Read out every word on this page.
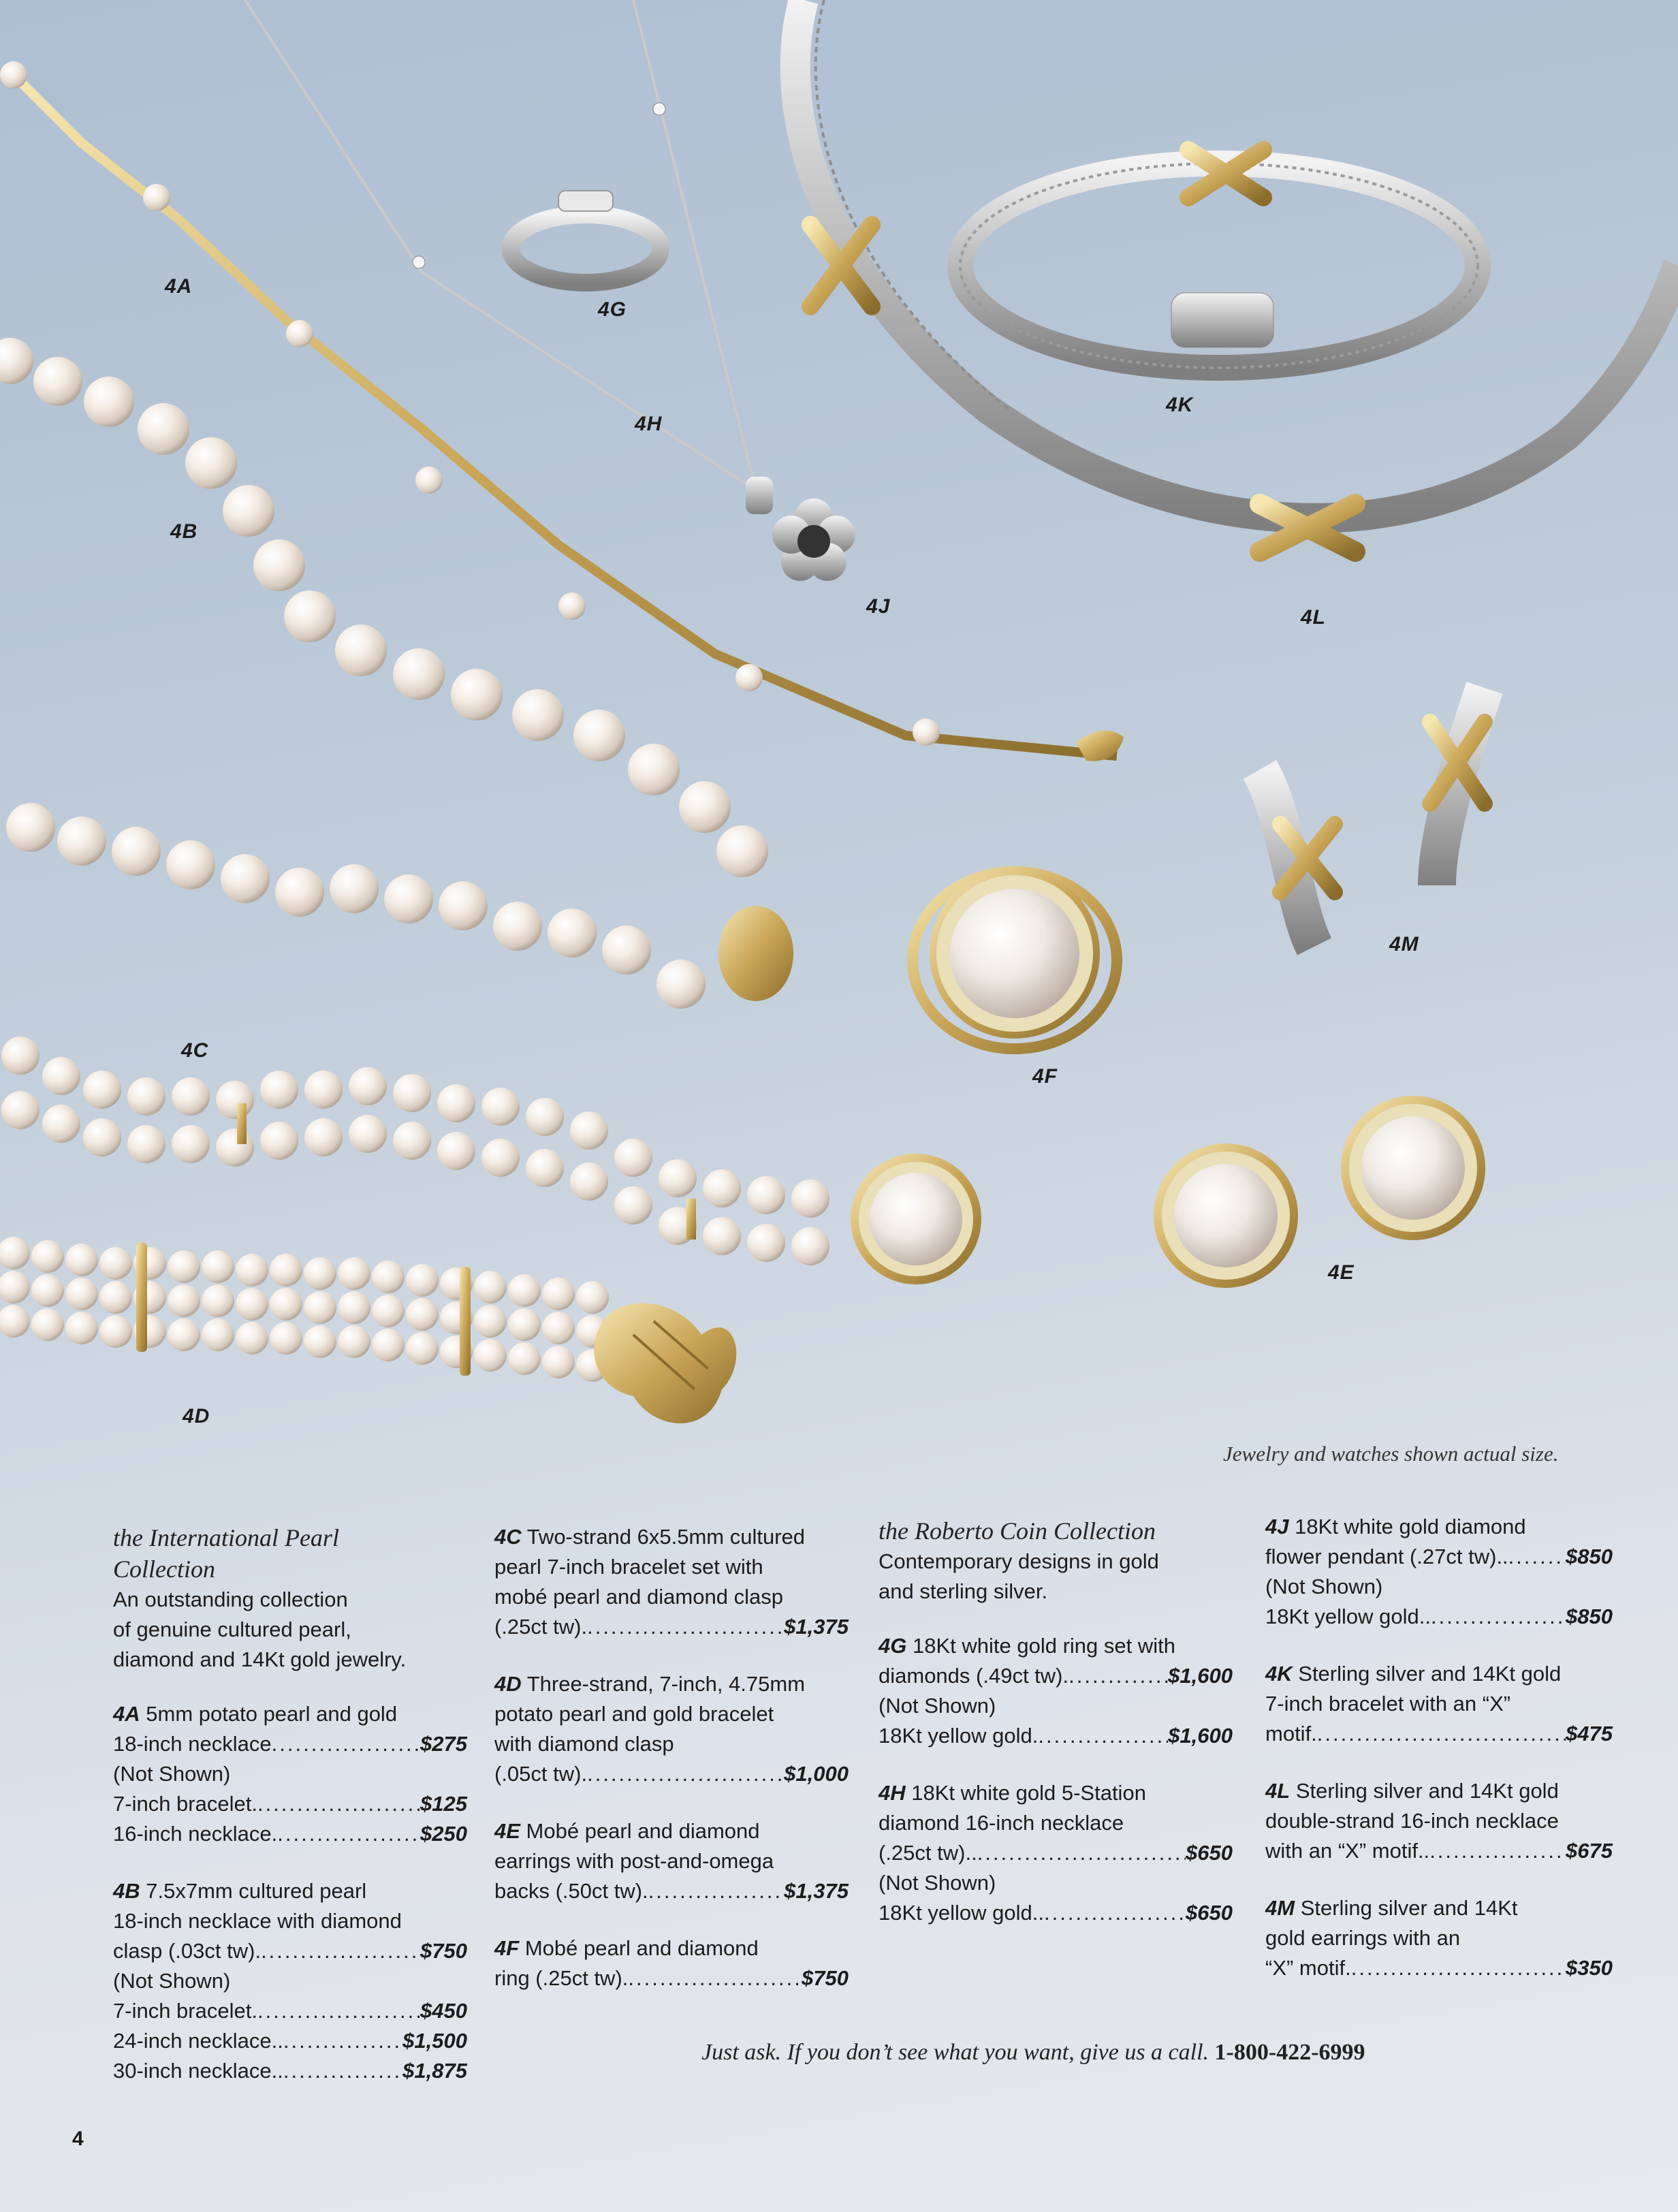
4A
4B
4C
4D
4E
4F
4G
4H
4J
4K
4L
4M
Jewelry and watches shown actual size.
the International Pearl
Collection
An outstanding collection
of genuine cultured pearl,
diamond and 14Kt gold jewelry.
4A 5mm potato pearl and gold
18-inch necklace .....	$275
(Not Shown)
7-inch bracelet. .....	$125
16-inch necklace. .....	$250
4B 7.5x7mm cultured pearl
18-inch necklace with diamond
clasp (.03ct tw). .....	$750
(Not Shown)
7-inch bracelet. .....	$450
24-inch necklace.. .....	$1,500
30-inch necklace.. .....	$1,875
4C Two-strand 6x5.5mm cultured
pearl 7-inch bracelet set with
mobé pearl and diamond clasp
(.25ct tw). .....	$1,375
4D Three-strand, 7-inch, 4.75mm
potato pearl and gold bracelet
with diamond clasp
(.05ct tw). .....	$1,000
4E Mobé pearl and diamond
earrings with post-and-omega
backs (.50ct tw). .....	$1,375
4F Mobé pearl and diamond
ring (.25ct tw). .....	$750
the Roberto Coin Collection
Contemporary designs in gold
and sterling silver.
4G 18Kt white gold ring set with
diamonds (.49ct tw). .....	$1,600
(Not Shown)
18Kt yellow gold. .....	$1,600
4H 18Kt white gold 5-Station
diamond 16-inch necklace
(.25ct tw).. .....	$650
(Not Shown)
18Kt yellow gold.. .....	$650
4J 18Kt white gold diamond
flower pendant (.27ct tw).. .....	$850
(Not Shown)
18Kt yellow gold.. .....	$850
4K Sterling silver and 14Kt gold
7-inch bracelet with an “X”
motif. .....	$475
4L Sterling silver and 14Kt gold
double-strand 16-inch necklace
with an “X” motif.. .....	$675
4M Sterling silver and 14Kt
gold earrings with an
“X” motif. .....	$350
Just ask. If you don’t see what you want, give us a call. 1-800-422-6999
4
